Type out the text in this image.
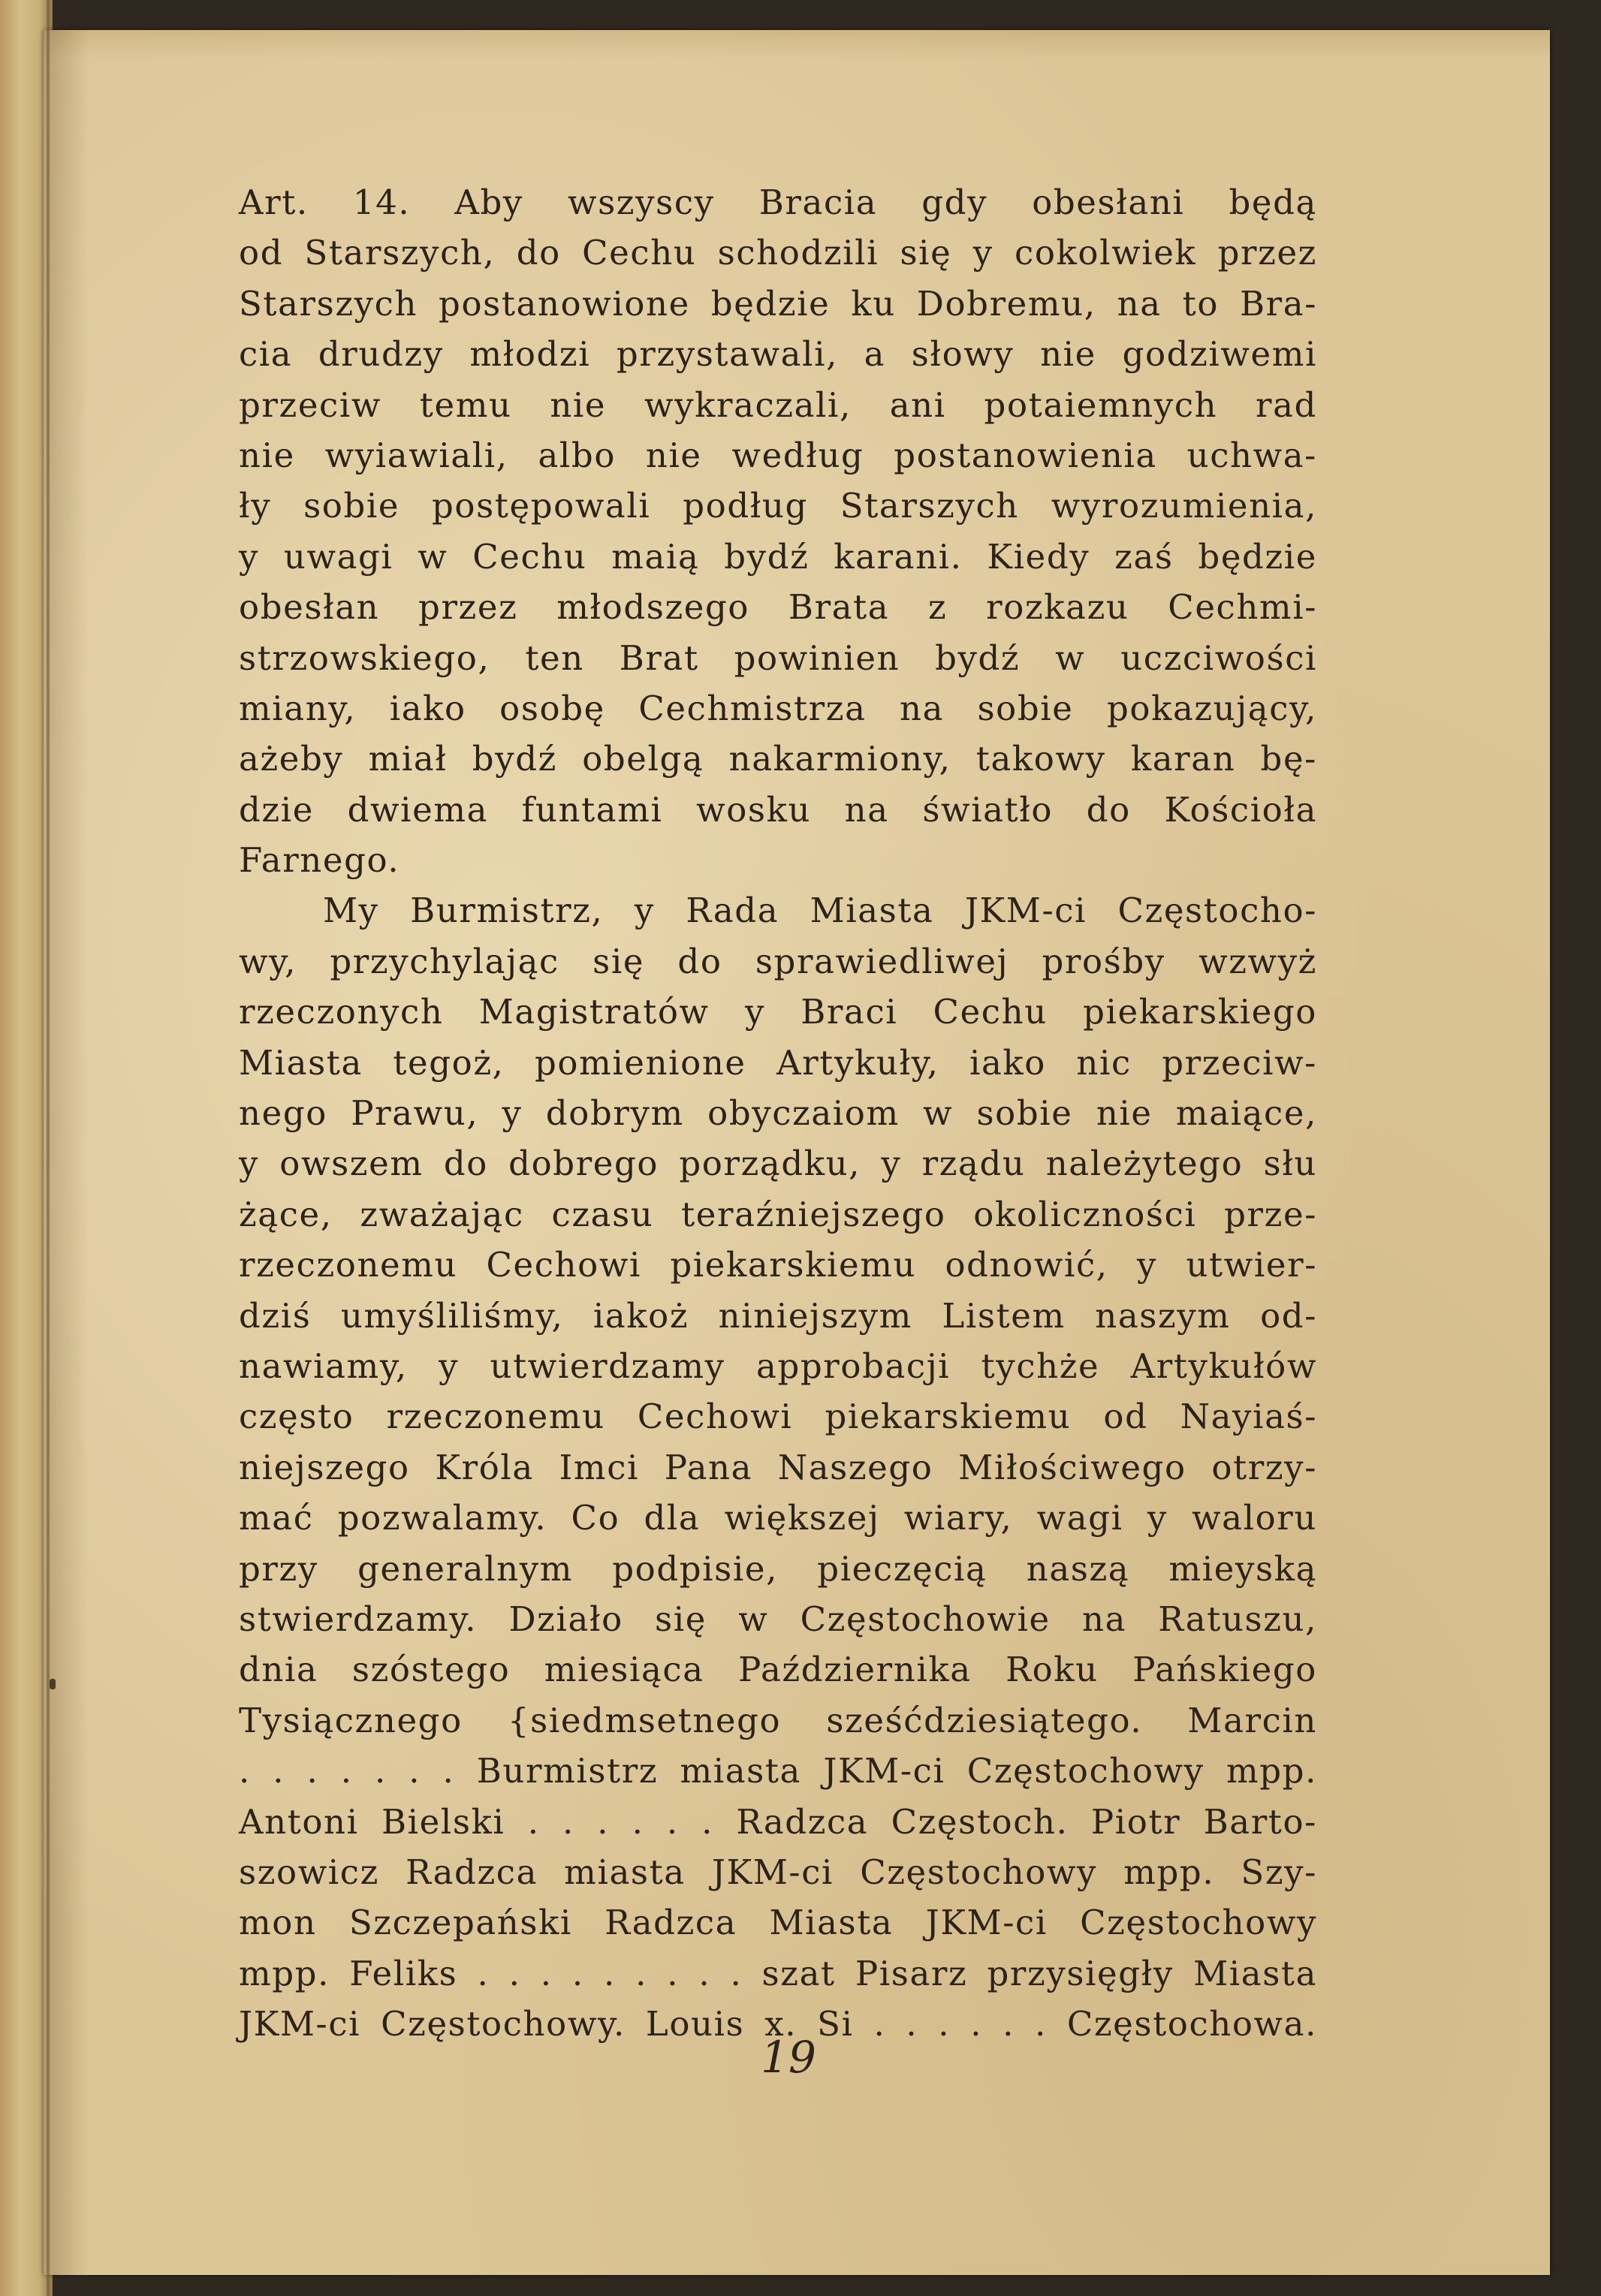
Art. 14. Aby wszyscy Bracia gdy obesłani będą
od Starszych, do Cechu schodzili się y cokolwiek przez
Starszych postanowione będzie ku Dobremu, na to Bra-
cia drudzy młodzi przystawali, a słowy nie godziwemi
przeciw temu nie wykraczali, ani potaiemnych rad
nie wyiawiali, albo nie według postanowienia uchwa-
ły sobie postępowali podług Starszych wyrozumienia,
y uwagi w Cechu maią bydź karani. Kiedy zaś będzie
obesłan przez młodszego Brata z rozkazu Cechmi-
strzowskiego, ten Brat powinien bydź w uczciwości
miany, iako osobę Cechmistrza na sobie pokazujący,
ażeby miał bydź obelgą nakarmiony, takowy karan bę-
dzie dwiema funtami wosku na światło do Kościoła
Farnego.
My Burmistrz, y Rada Miasta JKM-ci Częstocho-
wy, przychylając się do sprawiedliwej prośby wzwyż
rzeczonych Magistratów y Braci Cechu piekarskiego
Miasta tegoż, pomienione Artykuły, iako nic przeciw-
nego Prawu, y dobrym obyczaiom w sobie nie maiące,
y owszem do dobrego porządku, y rządu należytego słu
żące, zważając czasu teraźniejszego okoliczności prze-
rzeczonemu Cechowi piekarskiemu odnowić, y utwier-
dziś umyśliliśmy, iakoż niniejszym Listem naszym od-
nawiamy, y utwierdzamy approbacji tychże Artykułów
często rzeczonemu Cechowi piekarskiemu od Nayiaś-
niejszego Króla Imci Pana Naszego Miłościwego otrzy-
mać pozwalamy. Co dla większej wiary, wagi y waloru
przy generalnym podpisie, pieczęcią naszą mieyską
stwierdzamy. Działo się w Częstochowie na Ratuszu,
dnia szóstego miesiąca Października Roku Pańskiego
Tysiącznego {siedmsetnego sześćdziesiątego. Marcin
. . . . . . . Burmistrz miasta JKM-ci Częstochowy mpp.
Antoni Bielski . . . . . . Radzca Częstoch. Piotr Barto-
szowicz Radzca miasta JKM-ci Częstochowy mpp. Szy-
mon Szczepański Radzca Miasta JKM-ci Częstochowy
mpp. Feliks . . . . . . . . . szat Pisarz przysięgły Miasta
JKM-ci Częstochowy. Louis x. Si . . . . . . Częstochowa.
19
